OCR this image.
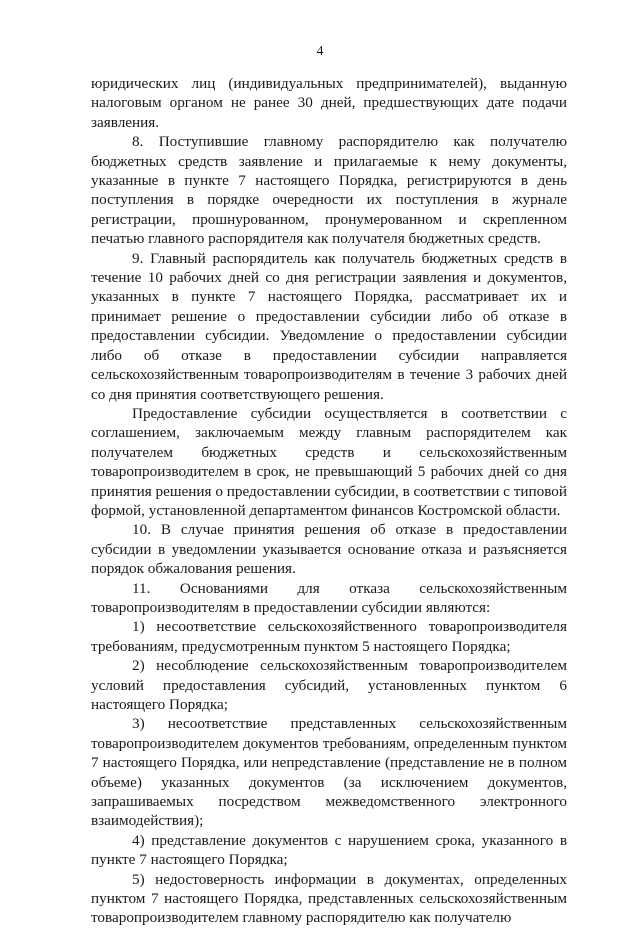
4

юридических лиц (индивидуальных предпринимателей), выданную налоговым органом не ранее 30 дней, предшествующих дате подачи заявления.

8. Поступившие главному распорядителю как получателю бюджетных средств заявление и прилагаемые к нему документы, указанные в пункте 7 настоящего Порядка, регистрируются в день поступления в порядке очередности их поступления в журнале регистрации, прошнурованном, пронумерованном и скрепленном печатью главного распорядителя как получателя бюджетных средств.

9. Главный распорядитель как получатель бюджетных средств в течение 10 рабочих дней со дня регистрации заявления и документов, указанных в пункте 7 настоящего Порядка, рассматривает их и принимает решение о предоставлении субсидии либо об отказе в предоставлении субсидии. Уведомление о предоставлении субсидии либо об отказе в предоставлении субсидии направляется сельскохозяйственным товаропроизводителям в течение 3 рабочих дней со дня принятия соответствующего решения.

Предоставление субсидии осуществляется в соответствии с соглашением, заключаемым между главным распорядителем как получателем бюджетных средств и сельскохозяйственным товаропроизводителем в срок, не превышающий 5 рабочих дней со дня принятия решения о предоставлении субсидии, в соответствии с типовой формой, установленной департаментом финансов Костромской области.

10. В случае принятия решения об отказе в предоставлении субсидии в уведомлении указывается основание отказа и разъясняется порядок обжалования решения.

11. Основаниями для отказа сельскохозяйственным товаропроизводителям в предоставлении субсидии являются:

1) несоответствие сельскохозяйственного товаропроизводителя требованиям, предусмотренным пунктом 5 настоящего Порядка;

2) несоблюдение сельскохозяйственным товаропроизводителем условий предоставления субсидий, установленных пунктом 6 настоящего Порядка;

3) несоответствие представленных сельскохозяйственным товаропроизводителем документов требованиям, определенным пунктом 7 настоящего Порядка, или непредставление (представление не в полном объеме) указанных документов (за исключением документов, запрашиваемых посредством межведомственного электронного взаимодействия);

4) представление документов с нарушением срока, указанного в пункте 7 настоящего Порядка;

5) недостоверность информации в документах, определенных пунктом 7 настоящего Порядка, представленных сельскохозяйственным товаропроизводителем главному распорядителю как получателю
